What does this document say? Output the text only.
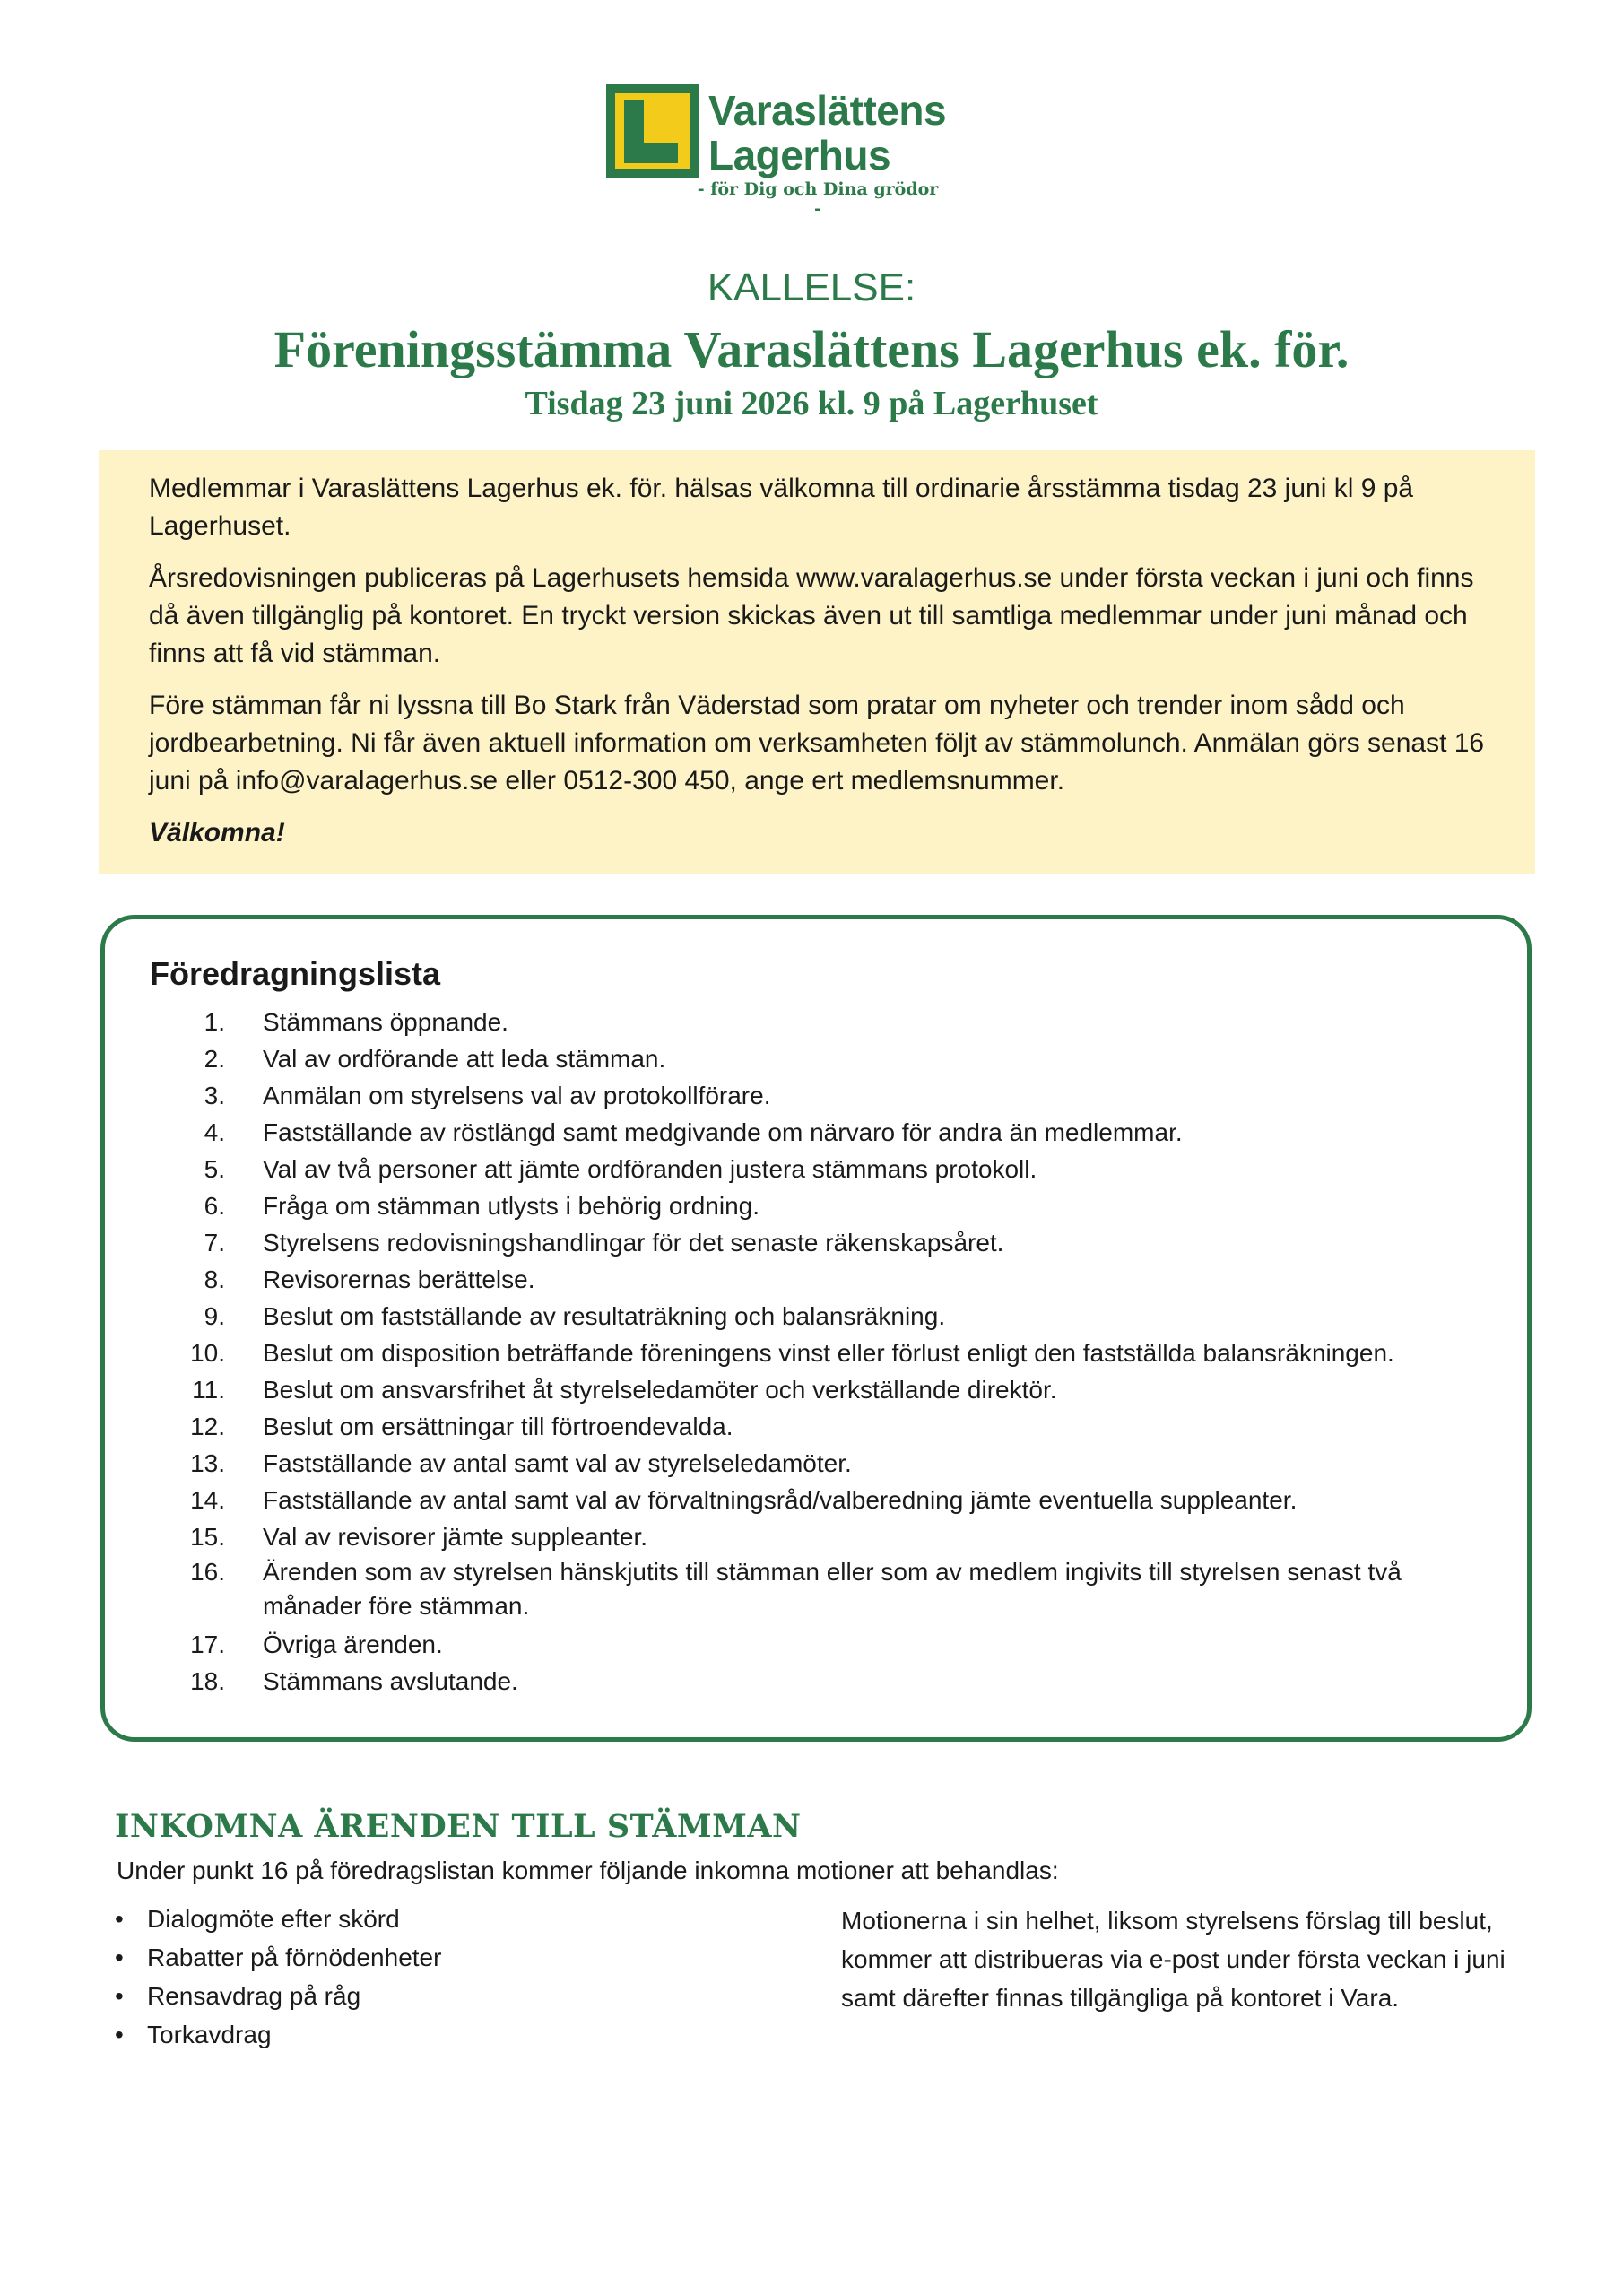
Varaslättens
Lagerhus
- för Dig och Dina grödor -
KALLELSE:
Föreningsstämma Varaslättens Lagerhus ek. för.
Tisdag 23 juni 2026 kl. 9 på Lagerhuset

Medlemmar i Varaslättens Lagerhus ek. för. hälsas välkomna till ordinarie årsstämma tisdag 23 juni kl 9 på Lagerhuset.

Årsredovisningen publiceras på Lagerhusets hemsida www.varalagerhus.se under första veckan i juni och finns då även tillgänglig på kontoret. En tryckt version skickas även ut till samtliga medlemmar under juni månad och finns att få vid stämman.

Före stämman får ni lyssna till Bo Stark från Väderstad som pratar om nyheter och trender inom sådd och jordbearbetning. Ni får även aktuell information om verksamheten följt av stämmolunch. Anmälan görs senast 16 juni på info@varalagerhus.se eller 0512-300 450, ange ert medlemsnummer.

Välkomna!

Föredragningslista
1.	Stämmans öppnande.
2.	Val av ordförande att leda stämman.
3.	Anmälan om styrelsens val av protokollförare.
4.	Fastställande av röstlängd samt medgivande om närvaro för andra än medlemmar.
5.	Val av två personer att jämte ordföranden justera stämmans protokoll.
6.	Fråga om stämman utlysts i behörig ordning.
7.	Styrelsens redovisningshandlingar för det senaste räkenskapsåret.
8.	Revisorernas berättelse.
9.	Beslut om fastställande av resultaträkning och balansräkning.
10.	Beslut om disposition beträffande föreningens vinst eller förlust enligt den fastställda balansräkningen.
11.	Beslut om ansvarsfrihet åt styrelseledamöter och verkställande direktör.
12.	Beslut om ersättningar till förtroendevalda.
13.	Fastställande av antal samt val av styrelseledamöter.
14.	Fastställande av antal samt val av förvaltningsråd/valberedning jämte eventuella suppleanter.
15.	Val av revisorer jämte suppleanter.
16.	Ärenden som av styrelsen hänskjutits till stämman eller som av medlem ingivits till styrelsen senast två månader före stämman.
17.	Övriga ärenden.
18.	Stämmans avslutande.
INKOMNA ÄRENDEN TILL STÄMMAN
Under punkt 16 på föredragslistan kommer följande inkomna motioner att behandlas:
• Dialogmöte efter skörd
• Rabatter på förnödenheter
• Rensavdrag på råg
• Torkavdrag
Motionerna i sin helhet, liksom styrelsens förslag till beslut, kommer att distribueras via e-post under första veckan i juni samt därefter finnas tillgängliga på kontoret i Vara.
